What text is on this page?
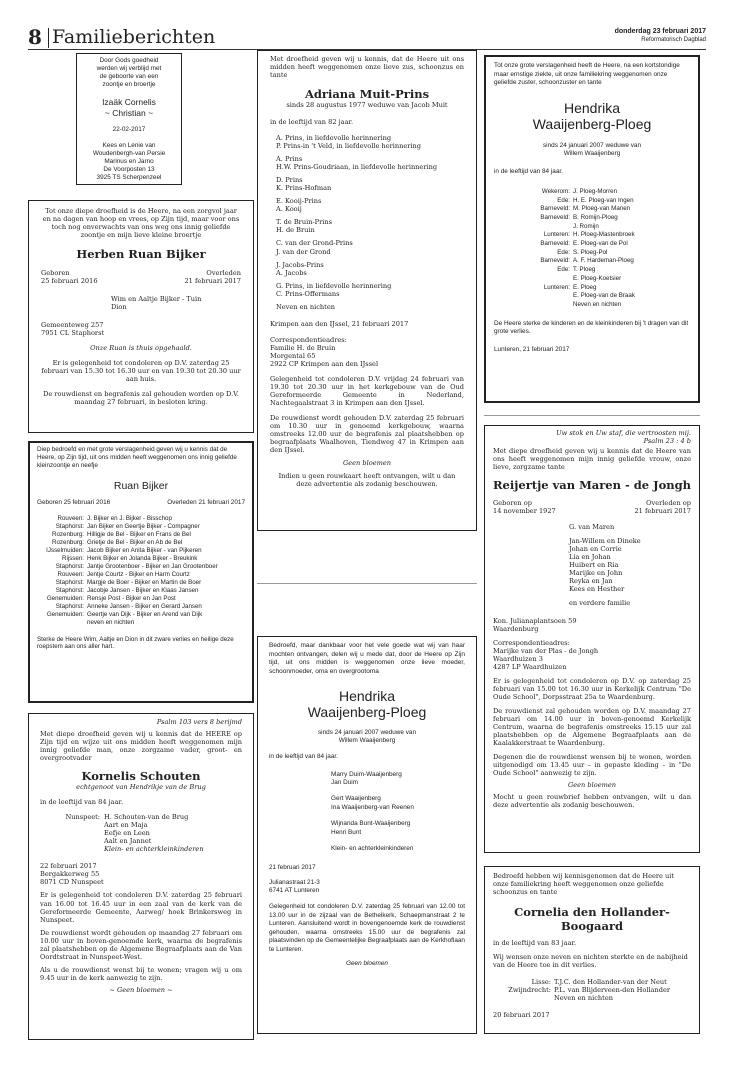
8 Familieberichten	donderdag 23 februari 2017
Reformatorisch Dagblad
Door Gods goedheid
werden wij verblijd met
de geboorte van een
zoontje en broertje
Izaäk Cornelis
~ Christian ~
22-02-2017
Kees en Lenie van
Woudenbergh-van Persie
Marinus en Jarno
De Voorposten 13
3925 TS Scherpenzeel

Tot onze diepe droefheid is de Heere, na een zorgvol jaar en na dagen van hoop en vrees, op Zijn tijd, maar voor ons toch nog onverwachts van ons weg ons innig geliefde zoontje en mijn lieve kleine broertje

Herben Ruan Bijker

Geboren
25 februari 2016
Overleden
21 februari 2017
Wim en Aaltje Bijker - Tuin
Dion
Gemeenteweg 257
7951 CL Staphorst

Onze Ruan is thuis opgehaald.

Er is gelegenheid tot condoleren op D.V. zaterdag 25 februari van 15.30 tot 16.30 uur en van 19.30 tot 20.30 uur aan huis.

De rouwdienst en begrafenis zal gehouden worden op D.V. maandag 27 februari, in besloten kring.

Diep bedroefd en met grote verslagenheid geven wij u kennis dat de Heere, op Zijn tijd, uit ons midden heeft weggenomen ons innig geliefde kleinzoontje en neefje

Ruan Bijker

Geboren 25 februari 2016	Overleden 21 februari 2017
Rouveen: J. Bijker en J. Bijker - Bisschop
Staphorst: Jan Bijker en Geertje Bijker - Compagner
Rozenburg: Hilligje de Bel - Bijker en Frans de Bel
Rozenburg: Grietje de Bel - Bijker en Ab de Bel
IJsselmuiden: Jacob Bijker en Anita Bijker - van Pijkeren
Rijssen: Henk Bijker en Jolanda Bijker - Breukink
Staphorst: Jantje Grootenboer - Bijker en Jan Grootenboer
Rouveen: Jentje Courtz - Bijker en Harm Courtz
Staphorst: Margje de Boer - Bijker en Martin de Boer
Staphorst: Jacobje Jansen - Bijker en Klaas Jansen
Genemuiden: Rensje Post - Bijker en Jan Post
Staphorst: Anneke Jansen - Bijker en Gerard Jansen
Genemuiden: Geertje van Dijk - Bijker en Arend van Dijk
neven en nichten

Sterke de Heere Wim, Aaltje en Dion in dit zware verlies en heilige deze roepstem aan ons aller hart.

Psalm 103 vers 8 berijmd

Met diepe droefheid geven wij u kennis dat de HEERE op Zijn tijd en wijze uit ons midden heeft weggenomen mijn innig geliefde man, onze zorgzame vader, groot- en overgrootvader

Kornelis Schouten

echtgenoot van Hendrikje van de Brug

in de leeftijd van 84 jaar.

Nunspeet: H. Schouten-van de Brug
Aart en Maja
Eefje en Leen
Aalt en Jannet
Klein- en achterkleinkinderen
22 februari 2017
Bergakkerweg 55
8071 CD Nunspeet

Er is gelegenheid tot condoleren D.V. zaterdag 25 februari van 16.00 tot 16.45 uur in een zaal van de kerk van de Gereformeerde Gemeente, Aarweg/ hoek Brinkersweg in Nunspeet.

De rouwdienst wordt gehouden op maandag 27 februari om 10.00 uur in boven-genoemde kerk, waarna de begrafenis zal plaatshebben op de Algemene Begraafplaats aan de Van Oordtstraat in Nunspeet-West.

Als u de rouwdienst wenst bij te wonen; vragen wij u om 9.45 uur in de kerk aanwezig te zijn.

~ Geen bloemen ~

Met droefheid geven wij u kennis, dat de Heere uit ons midden heeft weggenomen onze lieve zus, schoonzus en tante

Adriana Muit-Prins

sinds 28 augustus 1977 weduwe van Jacob Muit

in de leeftijd van 82 jaar.

A. Prins, in liefdevolle herinnering
P. Prins-in 't Veld, in liefdevolle herinnering
A. Prins
H.W. Prins-Goudriaan, in liefdevolle herinnering
D. Prins
K. Prins-Hofman
E. Kooij-Prins
A. Kooij
T. de Bruin-Prins
H. de Bruin
C. van der Grond-Prins
J. van der Grond
J. Jacobs-Prins
A. Jacobs
G. Prins, in liefdevolle herinnering
C. Prins-Offermans
Neven en nichten

Krimpen aan den IJssel, 21 februari 2017

Correspondentieadres:
Familie H. de Bruin
Morgental 65
2922 CP Krimpen aan den IJssel

Gelegenheid tot condoleren D.V. vrijdag 24 februari van 19.30 tot 20.30 uur in het kerkgebouw van de Oud Gereformeerde Gemeente in Nederland, Nachtegaalstraat 3 in Krimpen aan den IJssel.

De rouwdienst wordt gehouden D.V. zaterdag 25 februari om 10.30 uur in genoemd kerkgebouw, waarna omstreeks 12.00 uur de begrafenis zal plaatshebben op begraafplaats Waalhoven, Tiendweg 47 in Krimpen aan den IJssel.

Geen bloemen

Indien u geen rouwkaart heeft ontvangen, wilt u dan deze advertentie als zodanig beschouwen.

Bedroefd, maar dankbaar voor het vele goede wat wij van haar mochten ontvangen, delen wij u mede dat, door de Heere op Zijn tijd, uit ons midden is weggenomen onze lieve moeder, schoonmoeder, oma en overgrootoma

Hendrika

Waaijenberg-Ploeg

sinds 24 januari 2007 weduwe van
Willem Waaijenberg

in de leeftijd van 84 jaar.

Marry Duim-Waaijenberg
Jan Duim
Gert Waaijenberg
Ina Waaijenberg-van Reenen
Wijnanda Bunt-Waaijenberg
Henri Bunt
Klein- en achterkleinkinderen

21 februari 2017

Julianastraat 21-3
6741 AT Lunteren

Gelegenheid tot condoleren D.V. zaterdag 25 februari van 12.00 tot 13.00 uur in de zijzaal van de Bethelkerk, Schaepmanstraat 2 te Lunteren. Aansluitend wordt in bovengenoemde kerk de rouwdienst gehouden, waarna omstreeks 15.00 uur de begrafenis zal plaatsvinden op de Gemeentelijke Begraafplaats aan de Kerkhoflaan te Lunteren.

Geen bloemen

Tot onze grote verslagenheid heeft de Heere, na een kortstondige maar ernstige ziekte, uit onze familiekring weggenomen onze geliefde zuster, schoonzuster en tante

Hendrika

Waaijenberg-Ploeg

sinds 24 januari 2007 weduwe van
Willem Waaijenberg

in de leeftijd van 84 jaar.

Wekerom: J. Ploeg-Morren
Ede: H. E. Ploeg-van Ingen
Barneveld: M. Ploeg-van Manen
Barneveld: B. Romijn-Ploeg
J. Romijn
Lunteren: H. Ploeg-Mastenbroek
Barneveld: E. Ploeg-van de Pol
Ede: S. Ploeg-Pol
Barneveld: A. F. Hardeman-Ploeg
Ede: T. Ploeg
E. Ploeg-Koetsier
Lunteren: E. Ploeg
E. Ploeg-van de Braak
Neven en nichten

De Heere sterke de kinderen en de kleinkinderen bij 't dragen van dit grote verlies.

Lunteren, 21 februari 2017

Uw stok en Uw staf, die vertroosten mij.

Psalm 23 : 4 b

Met diepe droefheid geven wij u kennis dat de Heere van ons heeft weggenomen mijn innig geliefde vrouw, onze lieve, zorgzame tante

Reijertje van Maren - de Jongh

Geboren op
14 november 1927
Overleden op
21 februari 2017
G. van Maren
Jan-Willem en Dineke
Johan en Corrie
Lia en Johan
Huibert en Ria
Marijke en John
Reyka en Jan
Kees en Hesther
en verdere familie
Kon. Julianaplantsoen 59
Waardenburg
Correspondentieadres:
Marijke van der Plas - de Jongh
Waardhuizen 3
4287 LP Waardhuizen

Er is gelegenheid tot condoleren op D.V. op zaterdag 25 februari van 15.00 tot 16.30 uur in Kerkelijk Centrum "De Oude School", Dorpsstraat 25a te Waardenburg.

De rouwdienst zal gehouden worden op D.V. maandag 27 februari om 14.00 uur in boven-genoemd Kerkelijk Centrum, waarna de begrafenis omstreeks 15.15 uur zal plaatshebben op de Algemene Begraafplaats aan de Kaalakkerstraat te Waardenburg.

Degenen die de rouwdienst wensen bij te wonen, worden uitgenodigd om 13.45 uur – in gepaste kleding – in "De Oude School" aanwezig te zijn.

Geen bloemen

Mocht u geen rouwbrief hebben ontvangen, wilt u dan deze advertentie als zodanig beschouwen.

Bedroefd hebben wij kennisgenomen dat de Heere uit onze familiekring heeft weggenomen onze geliefde schoonzus en tante

Cornelia den Hollander-

Boogaard

in de leeftijd van 83 jaar.

Wij wensen onze neven en nichten sterkte en de nabijheid van de Heere toe in dit verlies.

Lisse: T.J.C. den Hollander-van der Neut
Zwijndrecht: P.L. van Blijderveen-den Hollander
Neven en nichten

20 februari 2017
